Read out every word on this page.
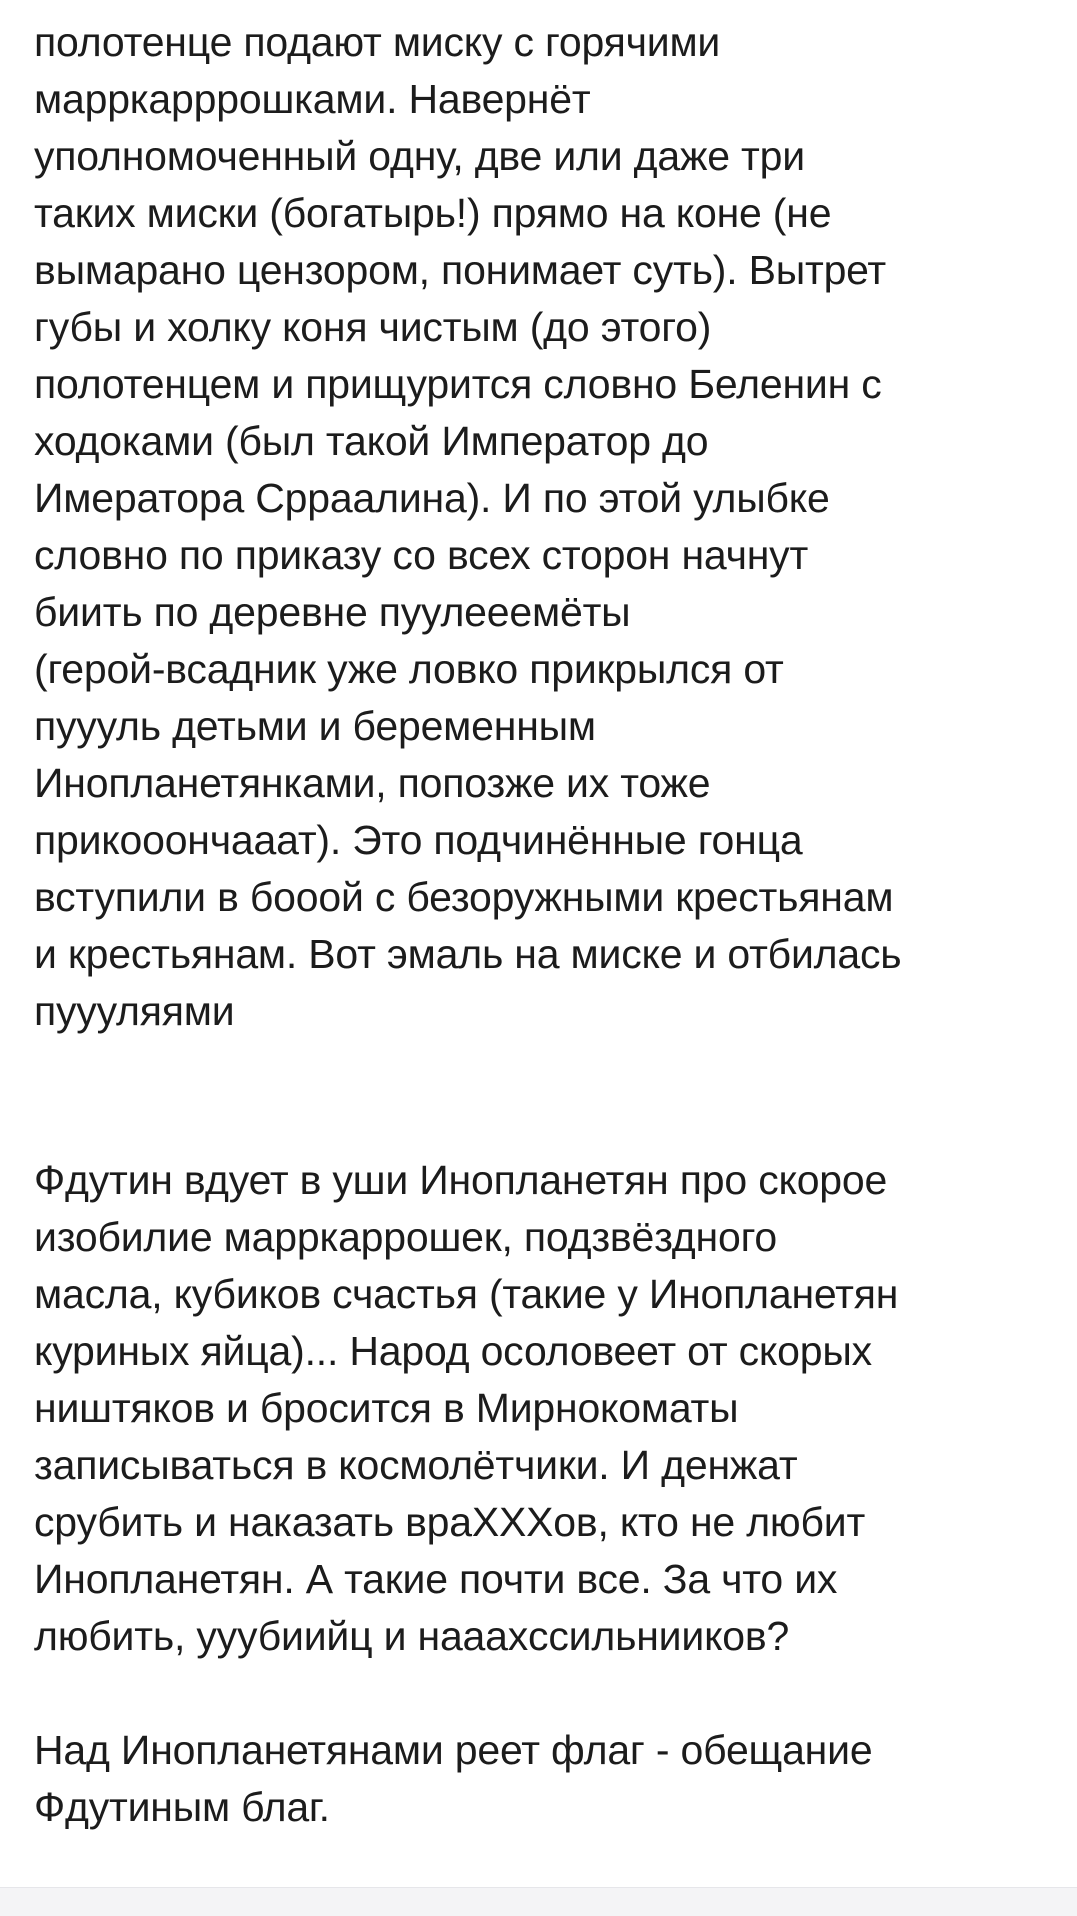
полотенце подают миску с горячими
марркарррошками. Навернёт
уполномоченный одну, две или даже три
таких миски (богатырь!) прямо на коне (не
вымарано цензором, понимает суть). Вытрет
губы и холку коня чистым (до этого)
полотенцем и прищурится словно Беленин с
ходоками (был такой Император до
Имератора Срраалина). И по этой улыбке
словно по приказу со всех сторон начнут
биить по деревне пуулееемёты
(герой-всадник уже ловко прикрылся от
пуууль детьми и беременным
Инопланетянками, попозже их тоже
прикооончааат). Это подчинённые гонца
вступили в бооой с безоружными крестьянам
и крестьянам. Вот эмаль на миске и отбилась
пуууляями

Фдутин вдует в уши Инопланетян про скорое
изобилие марркаррошек, подзвёздного
масла, кубиков счастья (такие у Инопланетян
куриных яйца)... Народ осоловеет от скорых
ништяков и бросится в Мирнокоматы
записываться в космолётчики. И денжат
срубить и наказать враXXXов, кто не любит
Инопланетян. А такие почти все. За что их
любить, ууубиийц и наааxссильнииков?

Над Инопланетянами реет флаг - обещание
Фдутиным благ.
